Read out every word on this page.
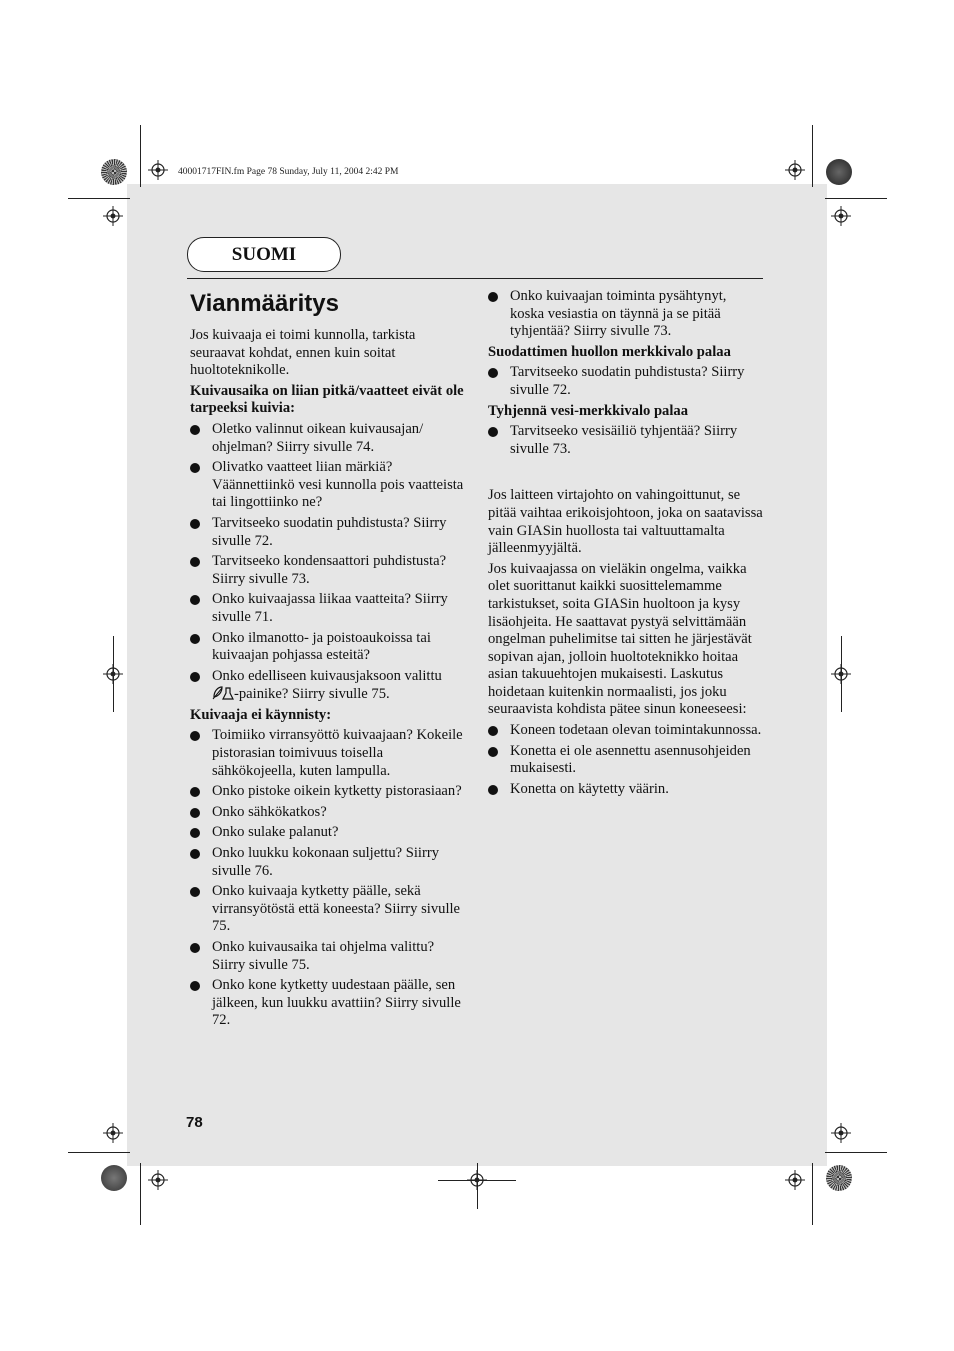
40001717FIN.fm Page 78 Sunday, July 11, 2004 2:42 PM
SUOMI
Vianmääritys

Jos kuivaaja ei toimi kunnolla, tarkista seuraavat kohdat, ennen kuin soitat huoltoteknikolle.

Kuivausaika on liian pitkä/vaatteet eivät ole tarpeeksi kuivia:

Oletko valinnut oikean kuivausajan/ ohjelman? Siirry sivulle 74.
Olivatko vaatteet liian märkiä? Väännettiinkö vesi kunnolla pois vaatteista tai lingottiinko ne?
Tarvitseeko suodatin puhdistusta? Siirry sivulle 72.
Tarvitseeko kondensaattori puhdistusta? Siirry sivulle 73.
Onko kuivaajassa liikaa vaatteita? Siirry sivulle 71.
Onko ilmanotto- ja poistoaukoissa tai kuivaajan pohjassa esteitä?
Onko edelliseen kuivausjaksoon valittu
-painike? Siirry sivulle 75.

Kuivaaja ei käynnisty:

Toimiiko virransyöttö kuivaajaan? Kokeile pistorasian toimivuus toisella sähkökojeella, kuten lampulla.
Onko pistoke oikein kytketty pistorasiaan?
Onko sähkökatkos?
Onko sulake palanut?
Onko luukku kokonaan suljettu? Siirry sivulle 76.
Onko kuivaaja kytketty päälle, sekä virransyötöstä että koneesta? Siirry sivulle 75.
Onko kuivausaika tai ohjelma valittu? Siirry sivulle 75.
Onko kone kytketty uudestaan päälle, sen jälkeen, kun luukku avattiin? Siirry sivulle 72.
Onko kuivaajan toiminta pysähtynyt, koska vesiastia on täynnä ja se pitää tyhjentää? Siirry sivulle 73.

Suodattimen huollon merkkivalo palaa

Tarvitseeko suodatin puhdistusta? Siirry sivulle 72.

Tyhjennä vesi-merkkivalo palaa

Tarvitseeko vesisäiliö tyhjentää? Siirry sivulle 73.

Jos laitteen virtajohto on vahingoittunut, se pitää vaihtaa erikoisjohtoon, joka on saatavissa vain GIASin huollosta tai valtuuttamalta jälleenmyyjältä.

Jos kuivaajassa on vieläkin ongelma, vaikka olet suorittanut kaikki suosittelemamme tarkistukset, soita GIASin huoltoon ja kysy lisäohjeita. He saattavat pystyä selvittämään ongelman puhelimitse tai sitten he järjestävät sopivan ajan, jolloin huoltoteknikko hoitaa asian takuuehtojen mukaisesti. Laskutus hoidetaan kuitenkin normaalisti, jos joku seuraavista kohdista pätee sinun koneeseesi:

Koneen todetaan olevan toimintakunnossa.
Konetta ei ole asennettu asennusohjeiden mukaisesti.
Konetta on käytetty väärin.
78
